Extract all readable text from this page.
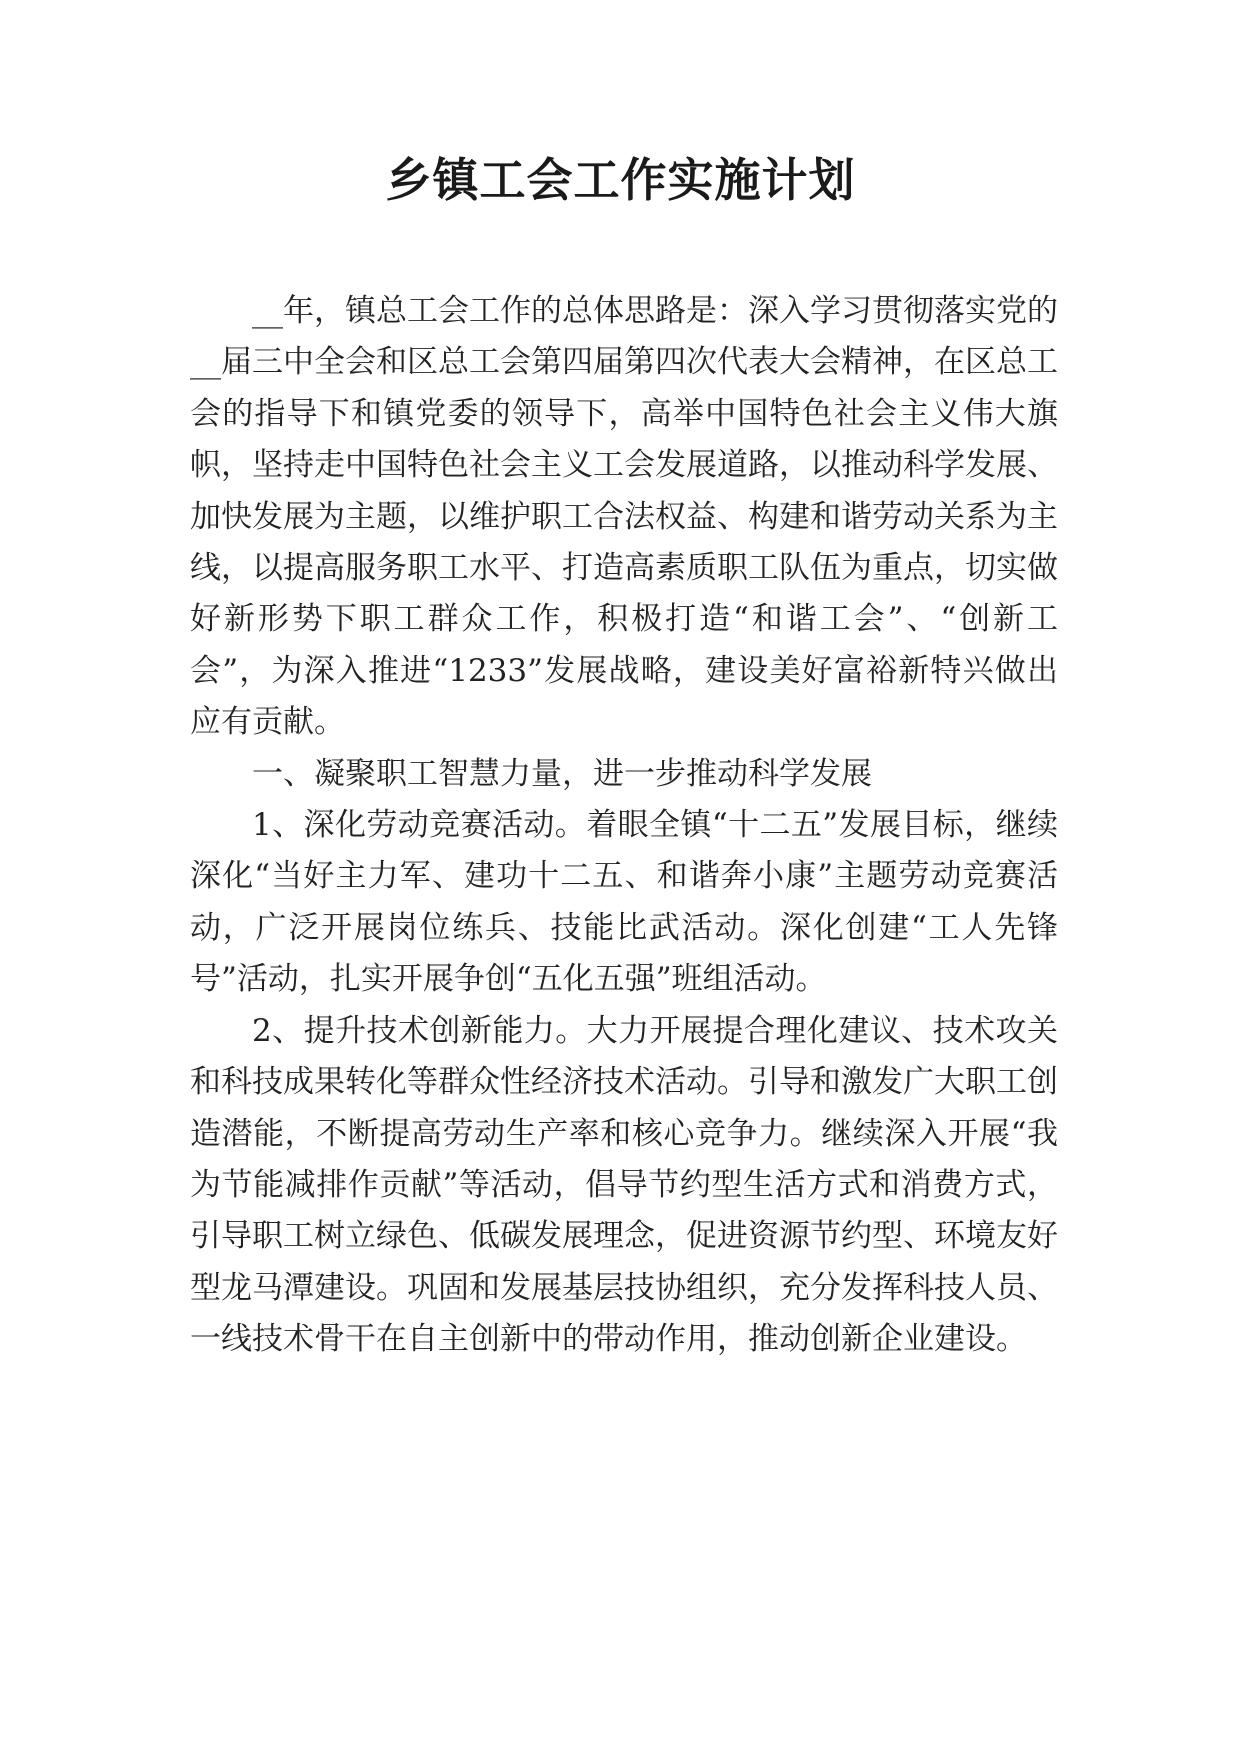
乡镇工会工作实施计划

__年，镇总工会工作的总体思路是：深入学习贯彻落实党的__届三中全会和区总工会第四届第四次代表大会精神，在区总工会的指导下和镇党委的领导下，高举中国特色社会主义伟大旗帜，坚持走中国特色社会主义工会发展道路，以推动科学发展、加快发展为主题，以维护职工合法权益、构建和谐劳动关系为主线，以提高服务职工水平、打造高素质职工队伍为重点，切实做好新形势下职工群众工作，积极打造“和谐工会”、“创新工会”，为深入推进“1233”发展战略，建设美好富裕新特兴做出应有贡献。

一、凝聚职工智慧力量，进一步推动科学发展

1、深化劳动竞赛活动。着眼全镇“十二五”发展目标，继续深化“当好主力军、建功十二五、和谐奔小康”主题劳动竞赛活动，广泛开展岗位练兵、技能比武活动。深化创建“工人先锋号”活动，扎实开展争创“五化五强”班组活动。

2、提升技术创新能力。大力开展提合理化建议、技术攻关和科技成果转化等群众性经济技术活动。引导和激发广大职工创造潜能，不断提高劳动生产率和核心竞争力。继续深入开展“我为节能减排作贡献”等活动，倡导节约型生活方式和消费方式，引导职工树立绿色、低碳发展理念，促进资源节约型、环境友好型龙马潭建设。巩固和发展基层技协组织，充分发挥科技人员、一线技术骨干在自主创新中的带动作用，推动创新企业建设。
